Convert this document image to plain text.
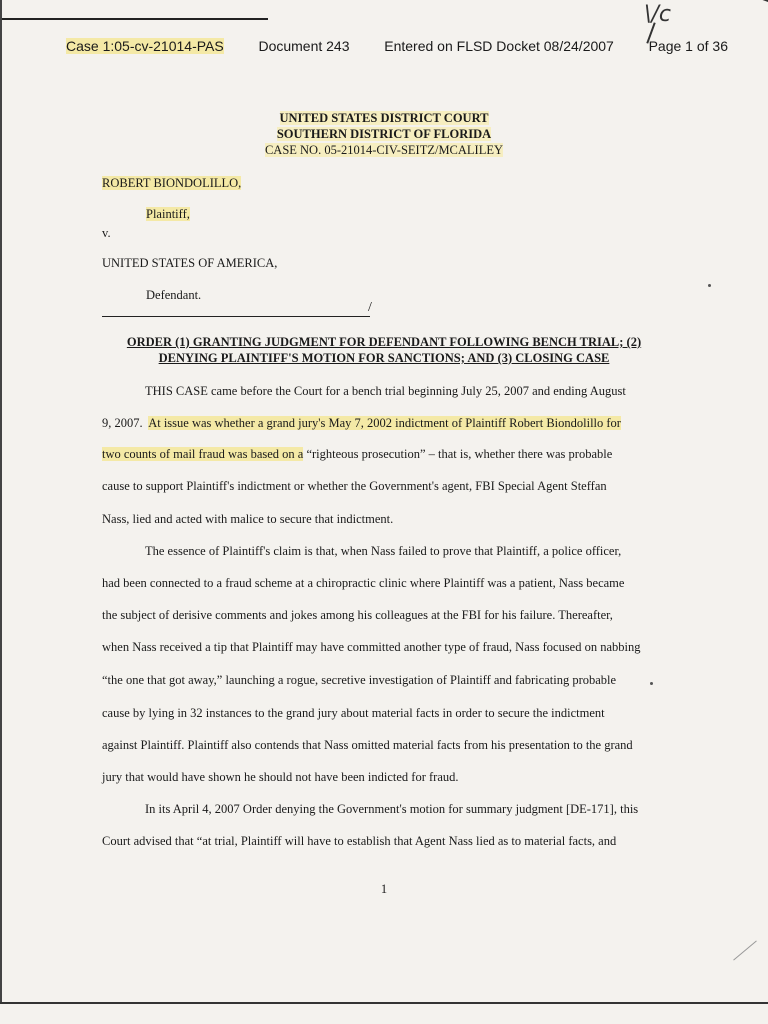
\/c
Case 1:05-cv-21014-PAS Document 243 Entered on FLSD Docket 08/24/2007 Page 1 of 36
UNITED STATES DISTRICT COURT
SOUTHERN DISTRICT OF FLORIDA
CASE NO. 05-21014-CIV-SEITZ/MCALILEY
ROBERT BIONDOLILLO,
Plaintiff,
v.
UNITED STATES OF AMERICA,
Defendant.
/
ORDER (1) GRANTING JUDGMENT FOR DEFENDANT FOLLOWING BENCH TRIAL; (2)
DENYING PLAINTIFF'S MOTION FOR SANCTIONS; AND (3) CLOSING CASE
THIS CASE came before the Court for a bench trial beginning July 25, 2007 and ending August
9, 2007. At issue was whether a grand jury's May 7, 2002 indictment of Plaintiff Robert Biondolillo for
two counts of mail fraud was based on a “righteous prosecution” – that is, whether there was probable
cause to support Plaintiff's indictment or whether the Government's agent, FBI Special Agent Steffan
Nass, lied and acted with malice to secure that indictment.
The essence of Plaintiff's claim is that, when Nass failed to prove that Plaintiff, a police officer,
had been connected to a fraud scheme at a chiropractic clinic where Plaintiff was a patient, Nass became
the subject of derisive comments and jokes among his colleagues at the FBI for his failure. Thereafter,
when Nass received a tip that Plaintiff may have committed another type of fraud, Nass focused on nabbing
“the one that got away,” launching a rogue, secretive investigation of Plaintiff and fabricating probable
cause by lying in 32 instances to the grand jury about material facts in order to secure the indictment
against Plaintiff. Plaintiff also contends that Nass omitted material facts from his presentation to the grand
jury that would have shown he should not have been indicted for fraud.
In its April 4, 2007 Order denying the Government's motion for summary judgment [DE-171], this
Court advised that “at trial, Plaintiff will have to establish that Agent Nass lied as to material facts, and
1
